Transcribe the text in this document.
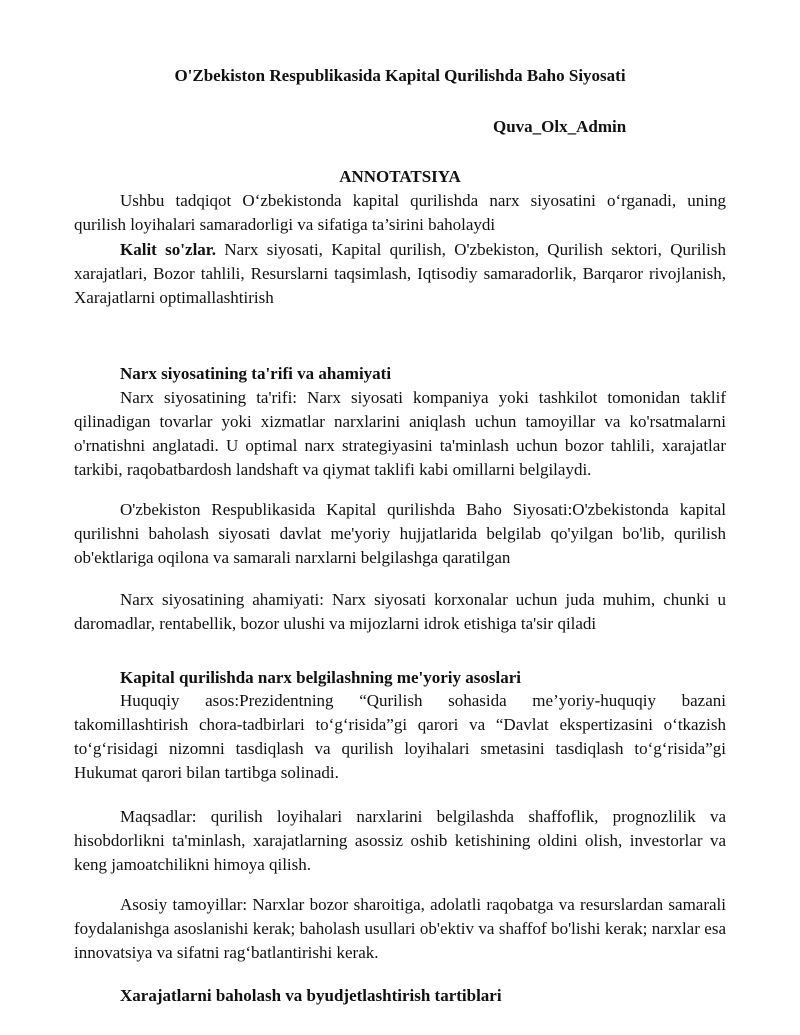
O'Zbekiston Respublikasida Kapital Qurilishda Baho Siyosati
Quva_Olx_Admin
ANNOTATSIYA

Ushbu tadqiqot O‘zbekistonda kapital qurilishda narx siyosatini o‘rganadi, uning qurilish loyihalari samaradorligi va sifatiga ta’sirini baholaydi

Kalit so'zlar. Narx siyosati, Kapital qurilish, O'zbekiston, Qurilish sektori, Qurilish xarajatlari, Bozor tahlili, Resurslarni taqsimlash, Iqtisodiy samaradorlik, Barqaror rivojlanish, Xarajatlarni optimallashtirish

Narx siyosatining ta'rifi va ahamiyati

Narx siyosatining ta'rifi: Narx siyosati kompaniya yoki tashkilot tomonidan taklif qilinadigan tovarlar yoki xizmatlar narxlarini aniqlash uchun tamoyillar va ko'rsatmalarni o'rnatishni anglatadi. U optimal narx strategiyasini ta'minlash uchun bozor tahlili, xarajatlar tarkibi, raqobatbardosh landshaft va qiymat taklifi kabi omillarni belgilaydi.

O'zbekiston Respublikasida Kapital qurilishda Baho Siyosati:O'zbekistonda kapital qurilishni baholash siyosati davlat me'yoriy hujjatlarida belgilab qo'yilgan bo'lib, qurilish ob'ektlariga oqilona va samarali narxlarni belgilashga qaratilgan

Narx siyosatining ahamiyati: Narx siyosati korxonalar uchun juda muhim, chunki u daromadlar, rentabellik, bozor ulushi va mijozlarni idrok etishiga ta'sir qiladi

Kapital qurilishda narx belgilashning me'yoriy asoslari

Huquqiy asos:Prezidentning “Qurilish sohasida me’yoriy-huquqiy bazani takomillashtirish chora-tadbirlari to‘g‘risida”gi qarori va “Davlat ekspertizasini o‘tkazish to‘g‘risidagi nizomni tasdiqlash va qurilish loyihalari smetasini tasdiqlash to‘g‘risida”gi Hukumat qarori bilan tartibga solinadi.

Maqsadlar: qurilish loyihalari narxlarini belgilashda shaffoflik, prognozlilik va hisobdorlikni ta'minlash, xarajatlarning asossiz oshib ketishining oldini olish, investorlar va keng jamoatchilikni himoya qilish.

Asosiy tamoyillar: Narxlar bozor sharoitiga, adolatli raqobatga va resurslardan samarali foydalanishga asoslanishi kerak; baholash usullari ob'ektiv va shaffof bo'lishi kerak; narxlar esa innovatsiya va sifatni rag‘batlantirishi kerak.

Xarajatlarni baholash va byudjetlashtirish tartiblari
